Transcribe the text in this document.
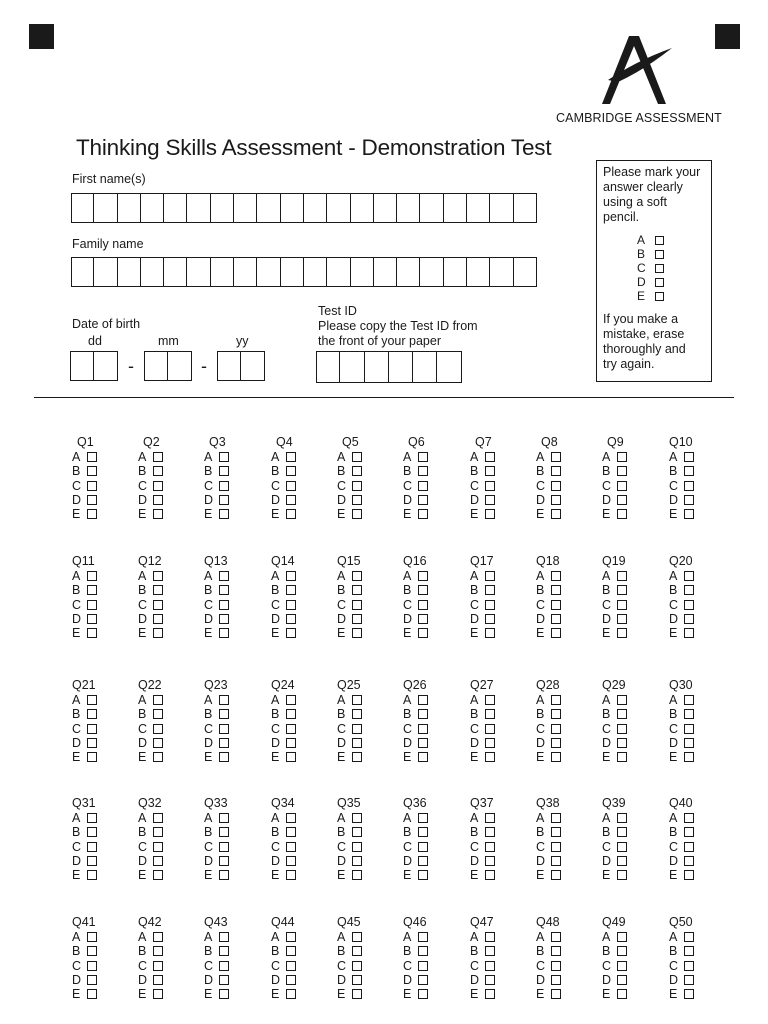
CAMBRIDGE ASSESSMENT
Thinking Skills Assessment - Demonstration Test
First name(s)
Family name
Date of birth
dd	mm	yy
-	-
Test ID
Please copy the Test ID from
the front of your paper

Please mark your

answer clearly

using a soft

pencil.

A
B
C
D
E

If you make a

mistake, erase

thoroughly and

try again.

Q1
A
B
C
D
E
Q2
A
B
C
D
E
Q3
A
B
C
D
E
Q4
A
B
C
D
E
Q5
A
B
C
D
E
Q6
A
B
C
D
E
Q7
A
B
C
D
E
Q8
A
B
C
D
E
Q9
A
B
C
D
E
Q10
A
B
C
D
E
Q11
A
B
C
D
E
Q12
A
B
C
D
E
Q13
A
B
C
D
E
Q14
A
B
C
D
E
Q15
A
B
C
D
E
Q16
A
B
C
D
E
Q17
A
B
C
D
E
Q18
A
B
C
D
E
Q19
A
B
C
D
E
Q20
A
B
C
D
E
Q21
A
B
C
D
E
Q22
A
B
C
D
E
Q23
A
B
C
D
E
Q24
A
B
C
D
E
Q25
A
B
C
D
E
Q26
A
B
C
D
E
Q27
A
B
C
D
E
Q28
A
B
C
D
E
Q29
A
B
C
D
E
Q30
A
B
C
D
E
Q31
A
B
C
D
E
Q32
A
B
C
D
E
Q33
A
B
C
D
E
Q34
A
B
C
D
E
Q35
A
B
C
D
E
Q36
A
B
C
D
E
Q37
A
B
C
D
E
Q38
A
B
C
D
E
Q39
A
B
C
D
E
Q40
A
B
C
D
E
Q41
A
B
C
D
E
Q42
A
B
C
D
E
Q43
A
B
C
D
E
Q44
A
B
C
D
E
Q45
A
B
C
D
E
Q46
A
B
C
D
E
Q47
A
B
C
D
E
Q48
A
B
C
D
E
Q49
A
B
C
D
E
Q50
A
B
C
D
E
